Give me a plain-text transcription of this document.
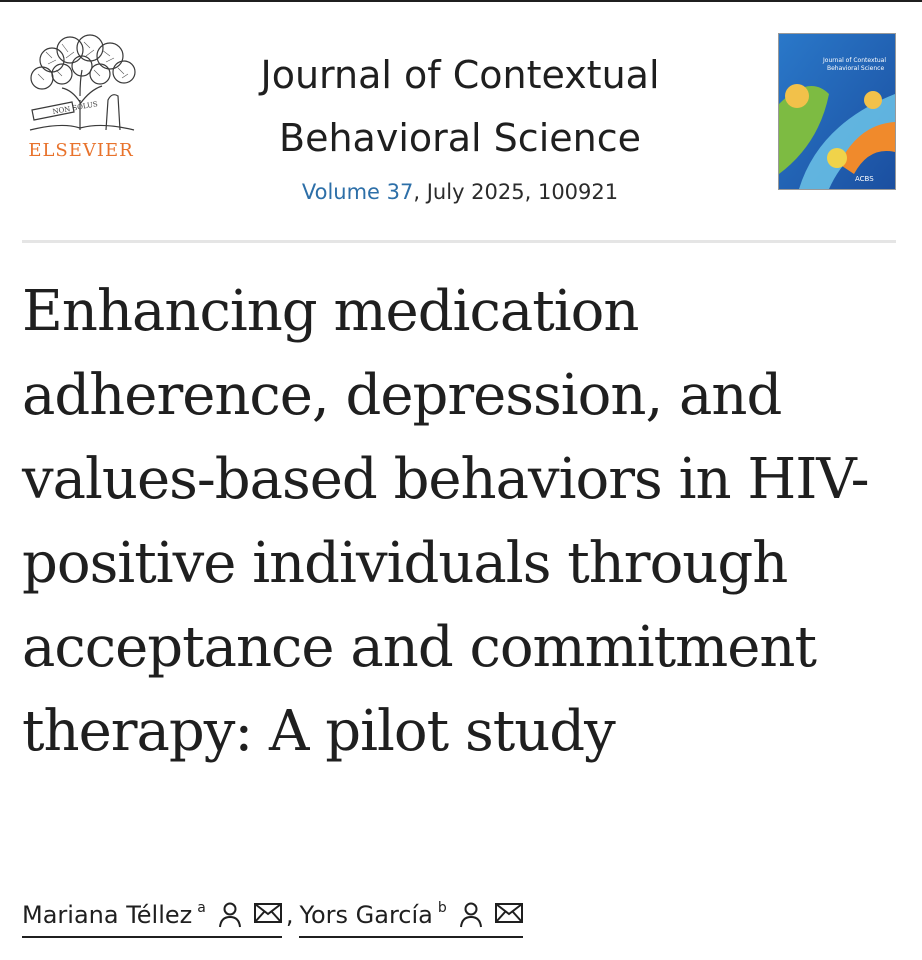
NON SOLUS
ELSEVIER
Journal of Contextual Behavioral Science
Volume 37, July 2025, 100921
Journal of Contextual
Behavioral Science
ACBS
Enhancing medication adherence, depression, and values-based behaviors in HIV-positive individuals through acceptance and commitment therapy: A pilot study
Mariana Téllez $^a$	, Yors García $^b$
